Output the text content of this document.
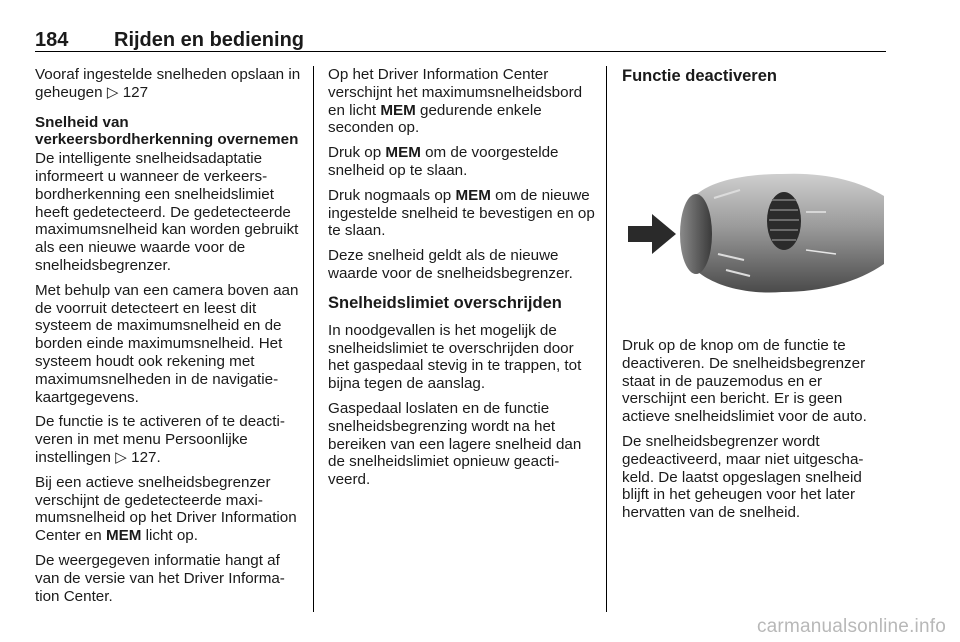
184 Rijden en bediening

Vooraf ingestelde snelheden opslaan in geheugen ▷ 127

Snelheid van verkeersbordherkenning overnemen

De intelligente snelheidsadaptatie informeert u wanneer de verkeersbordherkenning een snelheidslimiet heeft gedetecteerd. De gedetecteerde maximumsnelheid kan worden gebruikt als een nieuwe waarde voor de snelheidsbegrenzer.

Met behulp van een camera boven aan de voorruit detecteert en leest dit systeem de maximumsnelheid en de borden einde maximumsnelheid. Het systeem houdt ook rekening met maximumsnelheden in de navigatiekaartgegevens.

De functie is te activeren of te deactiveren in met menu Persoonlijke instellingen ▷ 127.

Bij een actieve snelheidsbegrenzer verschijnt de gedetecteerde maximumsnelheid op het Driver Information Center en MEM licht op.

De weergegeven informatie hangt af van de versie van het Driver Information Center.

Op het Driver Information Center verschijnt het maximumsnelheidsbord en licht MEM gedurende enkele seconden op.

Druk op MEM om de voorgestelde snelheid op te slaan.

Druk nogmaals op MEM om de nieuwe ingestelde snelheid te bevestigen en op te slaan.

Deze snelheid geldt als de nieuwe waarde voor de snelheidsbegrenzer.

Snelheidslimiet overschrijden

In noodgevallen is het mogelijk de snelheidslimiet te overschrijden door het gaspedaal stevig in te trappen, tot bijna tegen de aanslag.

Gaspedaal loslaten en de functie snelheidsbegrenzing wordt na het bereiken van een lagere snelheid dan de snelheidslimiet opnieuw geactiveerd.

Functie deactiveren

Druk op de knop om de functie te deactiveren. De snelheidsbegrenzer staat in de pauzemodus en er verschijnt een bericht. Er is geen actieve snelheidslimiet voor de auto.

De snelheidsbegrenzer wordt gedeactiveerd, maar niet uitgeschakeld. De laatst opgeslagen snelheid blijft in het geheugen voor het later hervatten van de snelheid.

carmanualsonline.info
